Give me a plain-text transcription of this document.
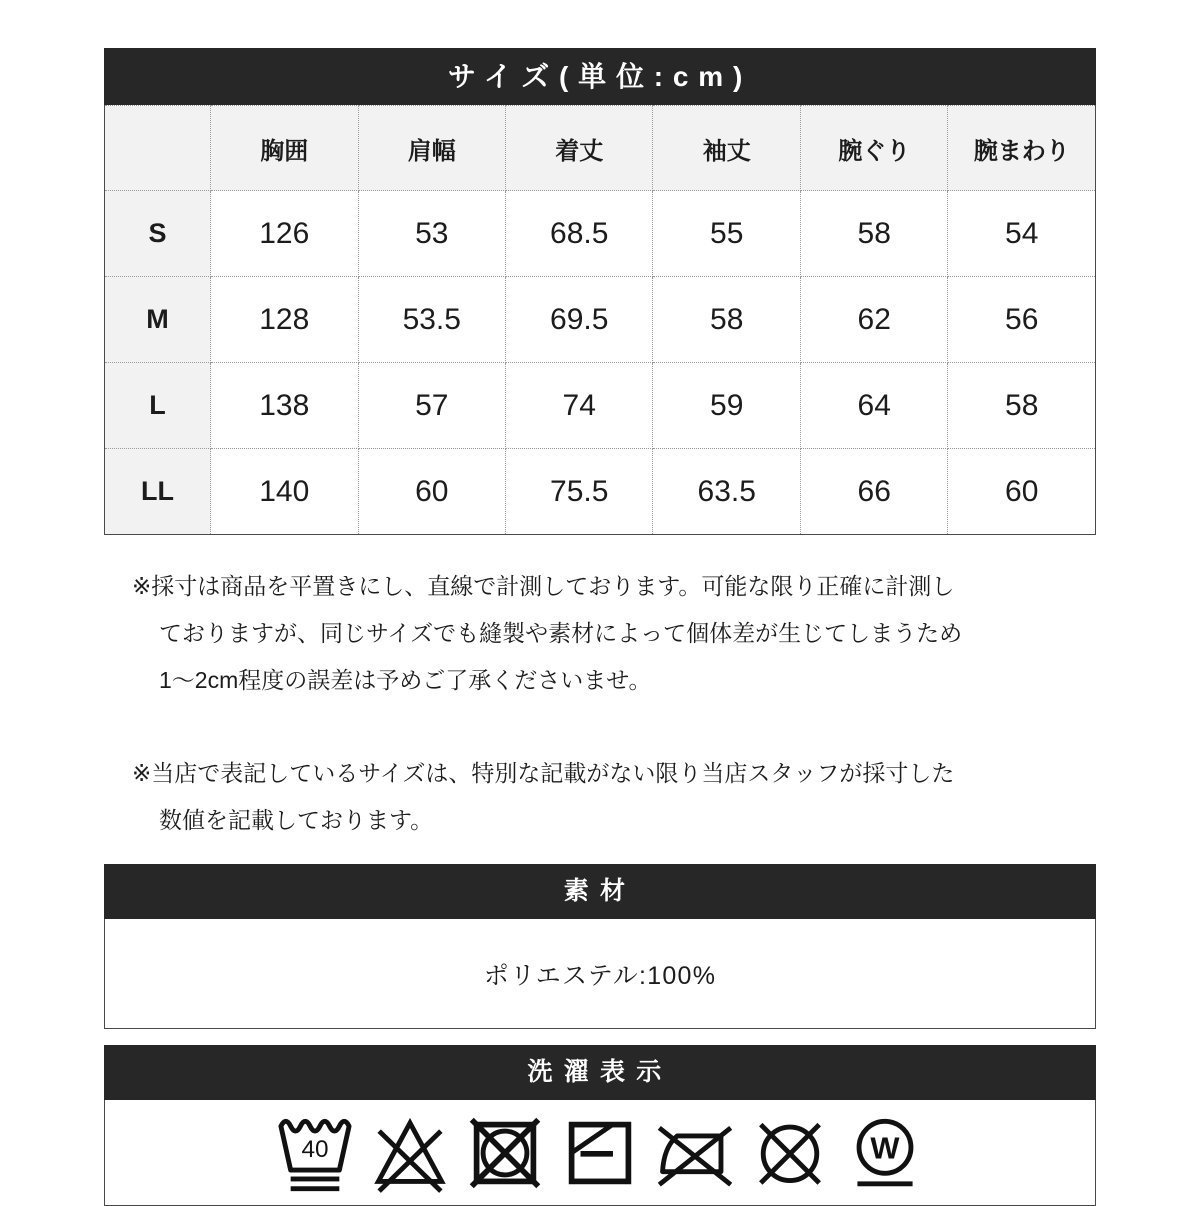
サイズ(単位:cm)
	胸囲	肩幅	着丈	袖丈	腕ぐり	腕まわり
S	126	53	68.5	55	58	54
M	128	53.5	69.5	58	62	56
L	138	57	74	59	64	58
LL	140	60	75.5	63.5	66	60

※採寸は商品を平置きにし、直線で計測しております。可能な限り正確に計測し
ておりますが、同じサイズでも縫製や素材によって個体差が生じてしまうため
1〜2cm程度の誤差は予めご了承くださいませ。

※当店で表記しているサイズは、特別な記載がない限り当店スタッフが採寸した
数値を記載しております。

素材
ポリエステル:100%
洗濯表示
40	W
